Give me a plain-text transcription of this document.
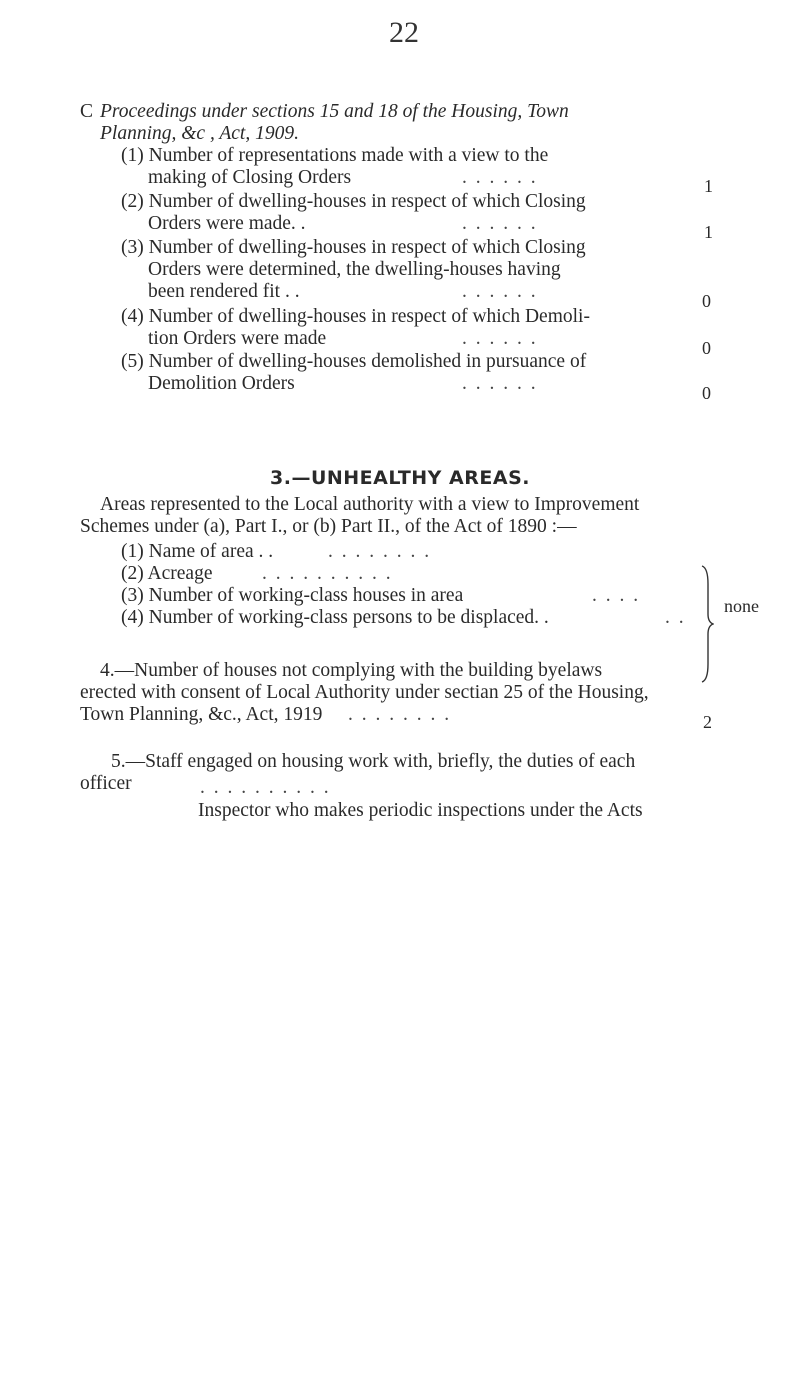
22
C Proceedings under sections 15 and 18 of the Housing, Town
Planning, &c , Act, 1909.
(1) Number of representations made with a view to the
making of Closing Orders	. . . . . .	1
(2) Number of dwelling-houses in respect of which Closing
Orders were made. .	. . . . . .	1
(3) Number of dwelling-houses in respect of which Closing
Orders were determined, the dwelling-houses having
been rendered fit . .	. . . . . .	0
(4) Number of dwelling-houses in respect of which Demoli-
tion Orders were made	. . . . . .	0
(5) Number of dwelling-houses demolished in pursuance of
Demolition Orders	. . . . . .	0
3.—UNHEALTHY AREAS.
Areas represented to the Local authority with a view to Improvement
Schemes under (a), Part I., or (b) Part II., of the Act of 1890 :—
(1) Name of area . .	. . . . . . . .
(2) Acreage	. . . . . . . . . .
(3) Number of working-class houses in area	. . . .
(4) Number of working-class persons to be displaced. .	. .
none
4.—Number of houses not complying with the building byelaws
erected with consent of Local Authority under sectian 25 of the Housing,
Town Planning, &c., Act, 1919 . . . . . . . .	2
5.—Staff engaged on housing work with, briefly, the duties of each
officer	. . . . . . . . . .
Inspector who makes periodic inspections under the Acts
